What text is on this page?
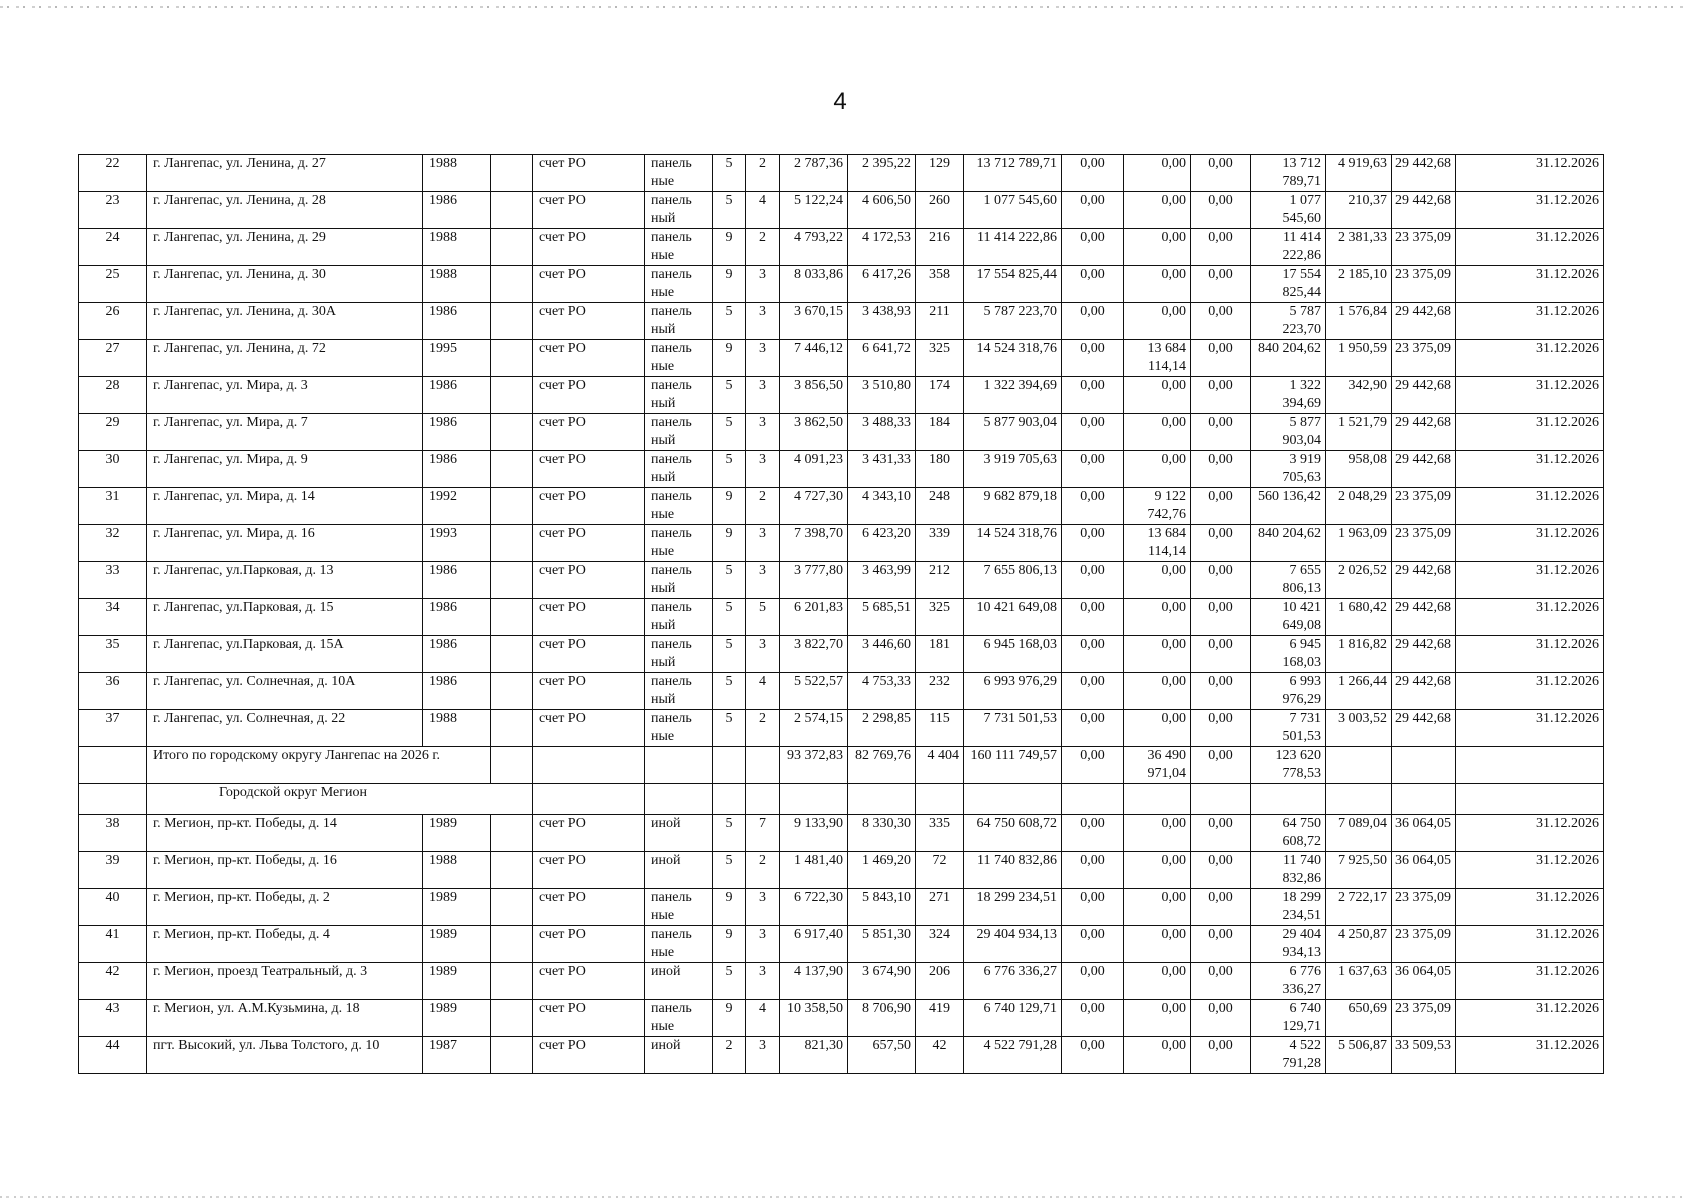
4
22	г. Лангепас, ул. Ленина, д. 27	1988		счет РО	панель ные	5	2	2 787,36	2 395,22	129	13 712 789,71	0,00	0,00	0,00	13 712 789,71	4 919,63	29 442,68	31.12.2026
23	г. Лангепас, ул. Ленина, д. 28	1986		счет РО	панель ный	5	4	5 122,24	4 606,50	260	1 077 545,60	0,00	0,00	0,00	1 077 545,60	210,37	29 442,68	31.12.2026
24	г. Лангепас, ул. Ленина, д. 29	1988		счет РО	панель ные	9	2	4 793,22	4 172,53	216	11 414 222,86	0,00	0,00	0,00	11 414 222,86	2 381,33	23 375,09	31.12.2026
25	г. Лангепас, ул. Ленина, д. 30	1988		счет РО	панель ные	9	3	8 033,86	6 417,26	358	17 554 825,44	0,00	0,00	0,00	17 554 825,44	2 185,10	23 375,09	31.12.2026
26	г. Лангепас, ул. Ленина, д. 30А	1986		счет РО	панель ный	5	3	3 670,15	3 438,93	211	5 787 223,70	0,00	0,00	0,00	5 787 223,70	1 576,84	29 442,68	31.12.2026
27	г. Лангепас, ул. Ленина, д. 72	1995		счет РО	панель ные	9	3	7 446,12	6 641,72	325	14 524 318,76	0,00	13 684 114,14	0,00	840 204,62	1 950,59	23 375,09	31.12.2026
28	г. Лангепас, ул. Мира, д. 3	1986		счет РО	панель ный	5	3	3 856,50	3 510,80	174	1 322 394,69	0,00	0,00	0,00	1 322 394,69	342,90	29 442,68	31.12.2026
29	г. Лангепас, ул. Мира, д. 7	1986		счет РО	панель ный	5	3	3 862,50	3 488,33	184	5 877 903,04	0,00	0,00	0,00	5 877 903,04	1 521,79	29 442,68	31.12.2026
30	г. Лангепас, ул. Мира, д. 9	1986		счет РО	панель ный	5	3	4 091,23	3 431,33	180	3 919 705,63	0,00	0,00	0,00	3 919 705,63	958,08	29 442,68	31.12.2026
31	г. Лангепас, ул. Мира, д. 14	1992		счет РО	панель ные	9	2	4 727,30	4 343,10	248	9 682 879,18	0,00	9 122 742,76	0,00	560 136,42	2 048,29	23 375,09	31.12.2026
32	г. Лангепас, ул. Мира, д. 16	1993		счет РО	панель ные	9	3	7 398,70	6 423,20	339	14 524 318,76	0,00	13 684 114,14	0,00	840 204,62	1 963,09	23 375,09	31.12.2026
33	г. Лангепас, ул.Парковая, д. 13	1986		счет РО	панель ный	5	3	3 777,80	3 463,99	212	7 655 806,13	0,00	0,00	0,00	7 655 806,13	2 026,52	29 442,68	31.12.2026
34	г. Лангепас, ул.Парковая, д. 15	1986		счет РО	панель ный	5	5	6 201,83	5 685,51	325	10 421 649,08	0,00	0,00	0,00	10 421 649,08	1 680,42	29 442,68	31.12.2026
35	г. Лангепас, ул.Парковая, д. 15А	1986		счет РО	панель ный	5	3	3 822,70	3 446,60	181	6 945 168,03	0,00	0,00	0,00	6 945 168,03	1 816,82	29 442,68	31.12.2026
36	г. Лангепас, ул. Солнечная, д. 10А	1986		счет РО	панель ный	5	4	5 522,57	4 753,33	232	6 993 976,29	0,00	0,00	0,00	6 993 976,29	1 266,44	29 442,68	31.12.2026
37	г. Лангепас, ул. Солнечная, д. 22	1988		счет РО	панель ные	5	2	2 574,15	2 298,85	115	7 731 501,53	0,00	0,00	0,00	7 731 501,53	3 003,52	29 442,68	31.12.2026
	Итого по городскому округу Лангепас на 2026 г.							93 372,83	82 769,76	4 404	160 111 749,57	0,00	36 490 971,04	0,00	123 620 778,53			
	Городской округ Мегион																	
38	г. Мегион, пр-кт. Победы, д. 14	1989		счет РО	иной	5	7	9 133,90	8 330,30	335	64 750 608,72	0,00	0,00	0,00	64 750 608,72	7 089,04	36 064,05	31.12.2026
39	г. Мегион, пр-кт. Победы, д. 16	1988		счет РО	иной	5	2	1 481,40	1 469,20	72	11 740 832,86	0,00	0,00	0,00	11 740 832,86	7 925,50	36 064,05	31.12.2026
40	г. Мегион, пр-кт. Победы, д. 2	1989		счет РО	панель ные	9	3	6 722,30	5 843,10	271	18 299 234,51	0,00	0,00	0,00	18 299 234,51	2 722,17	23 375,09	31.12.2026
41	г. Мегион, пр-кт. Победы, д. 4	1989		счет РО	панель ные	9	3	6 917,40	5 851,30	324	29 404 934,13	0,00	0,00	0,00	29 404 934,13	4 250,87	23 375,09	31.12.2026
42	г. Мегион, проезд Театральный, д. 3	1989		счет РО	иной	5	3	4 137,90	3 674,90	206	6 776 336,27	0,00	0,00	0,00	6 776 336,27	1 637,63	36 064,05	31.12.2026
43	г. Мегион, ул. А.М.Кузьмина, д. 18	1989		счет РО	панель ные	9	4	10 358,50	8 706,90	419	6 740 129,71	0,00	0,00	0,00	6 740 129,71	650,69	23 375,09	31.12.2026
44	пгт. Высокий, ул. Льва Толстого, д. 10	1987		счет РО	иной	2	3	821,30	657,50	42	4 522 791,28	0,00	0,00	0,00	4 522 791,28	5 506,87	33 509,53	31.12.2026
